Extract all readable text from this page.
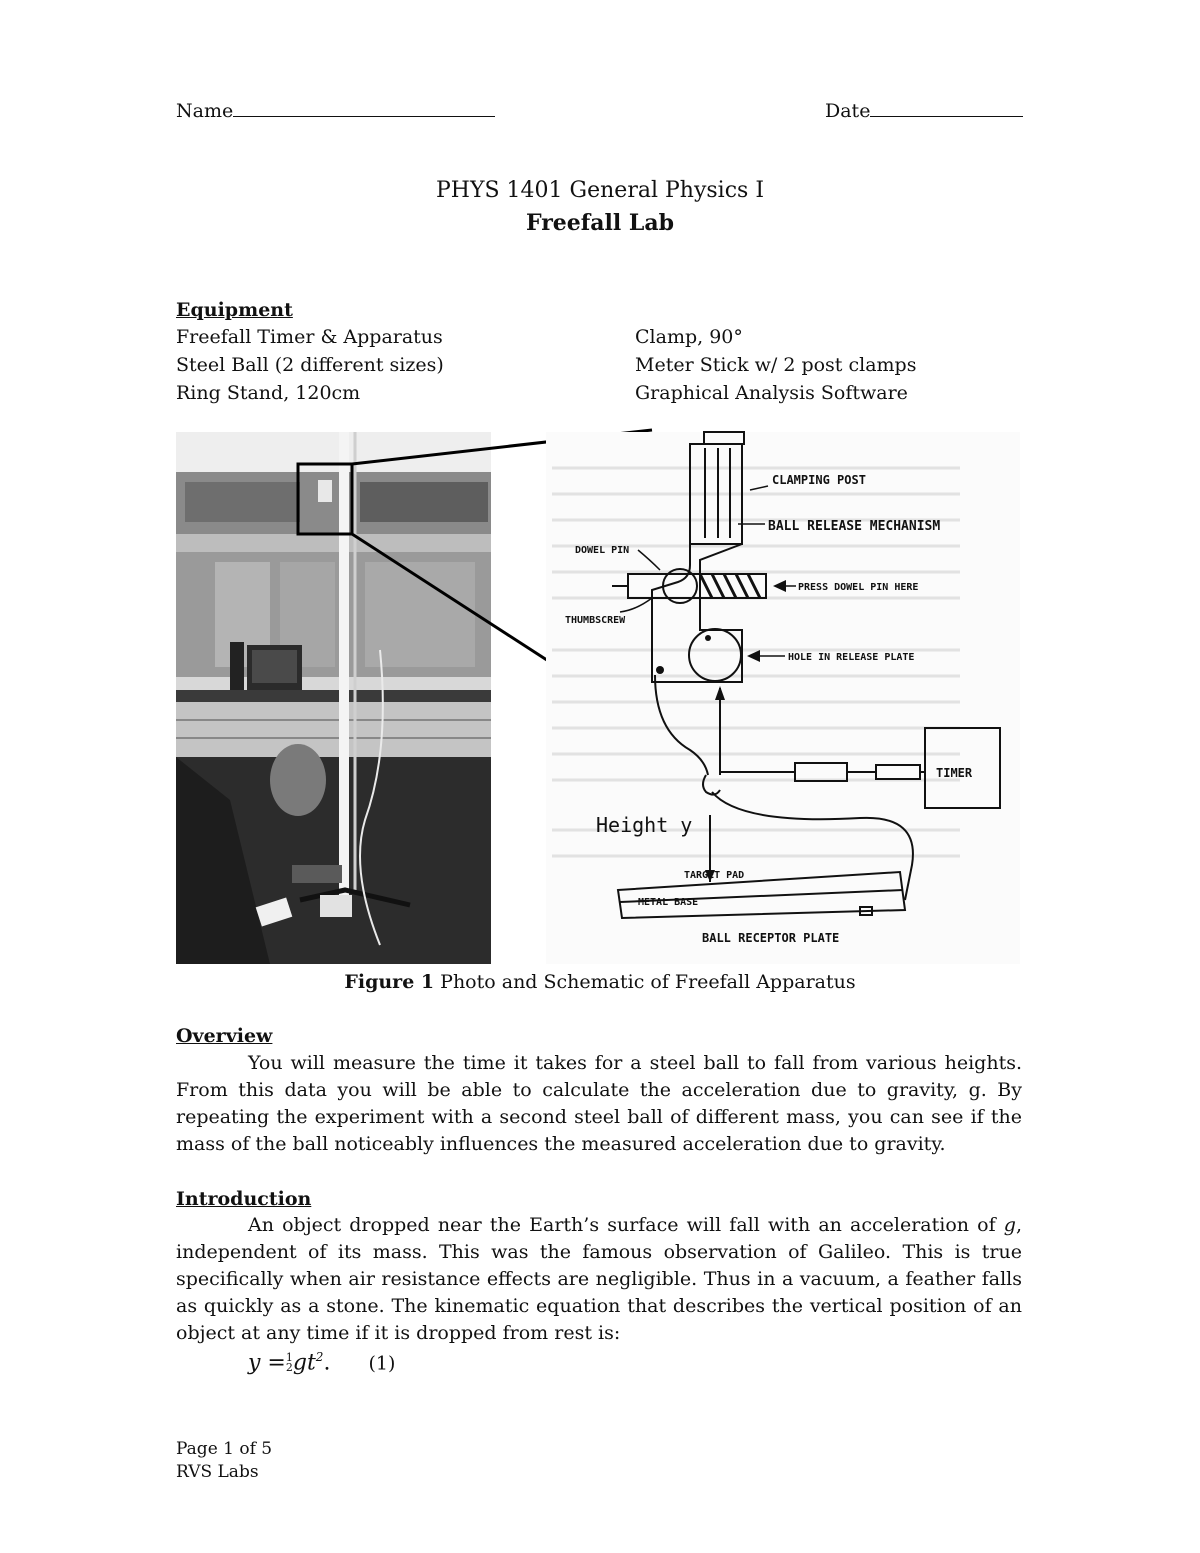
Name	Date
PHYS 1401 General Physics I
Freefall Lab
Equipment
Freefall Timer & Apparatus
Steel Ball (2 different sizes)
Ring Stand, 120cm
Clamp, 90°
Meter Stick w/ 2 post clamps
Graphical Analysis Software
CLAMPING POST
BALL RELEASE MECHANISM
DOWEL PIN
PRESS DOWEL PIN HERE
THUMBSCREW
HOLE IN RELEASE PLATE
TIMER
TARGET PAD
METAL BASE
BALL RECEPTOR PLATE
Height y
Figure 1 Photo and Schematic of Freefall Apparatus
Overview
You will measure the time it takes for a steel ball to fall from various heights. From this data you will be able to calculate the acceleration due to gravity, g. By repeating the experiment with a second steel ball of different mass, you can see if the mass of the ball noticeably influences the measured acceleration due to gravity.
Introduction
An object dropped near the Earth’s surface will fall with an acceleration of g, independent of its mass. This was the famous observation of Galileo. This is true specifically when air resistance effects are negligible. Thus in a vacuum, a feather falls as quickly as a stone. The kinematic equation that describes the vertical position of an object at any time if it is dropped from rest is:
y =1
$2gt^2$. (1)
Page 1 of 5
RVS Labs
